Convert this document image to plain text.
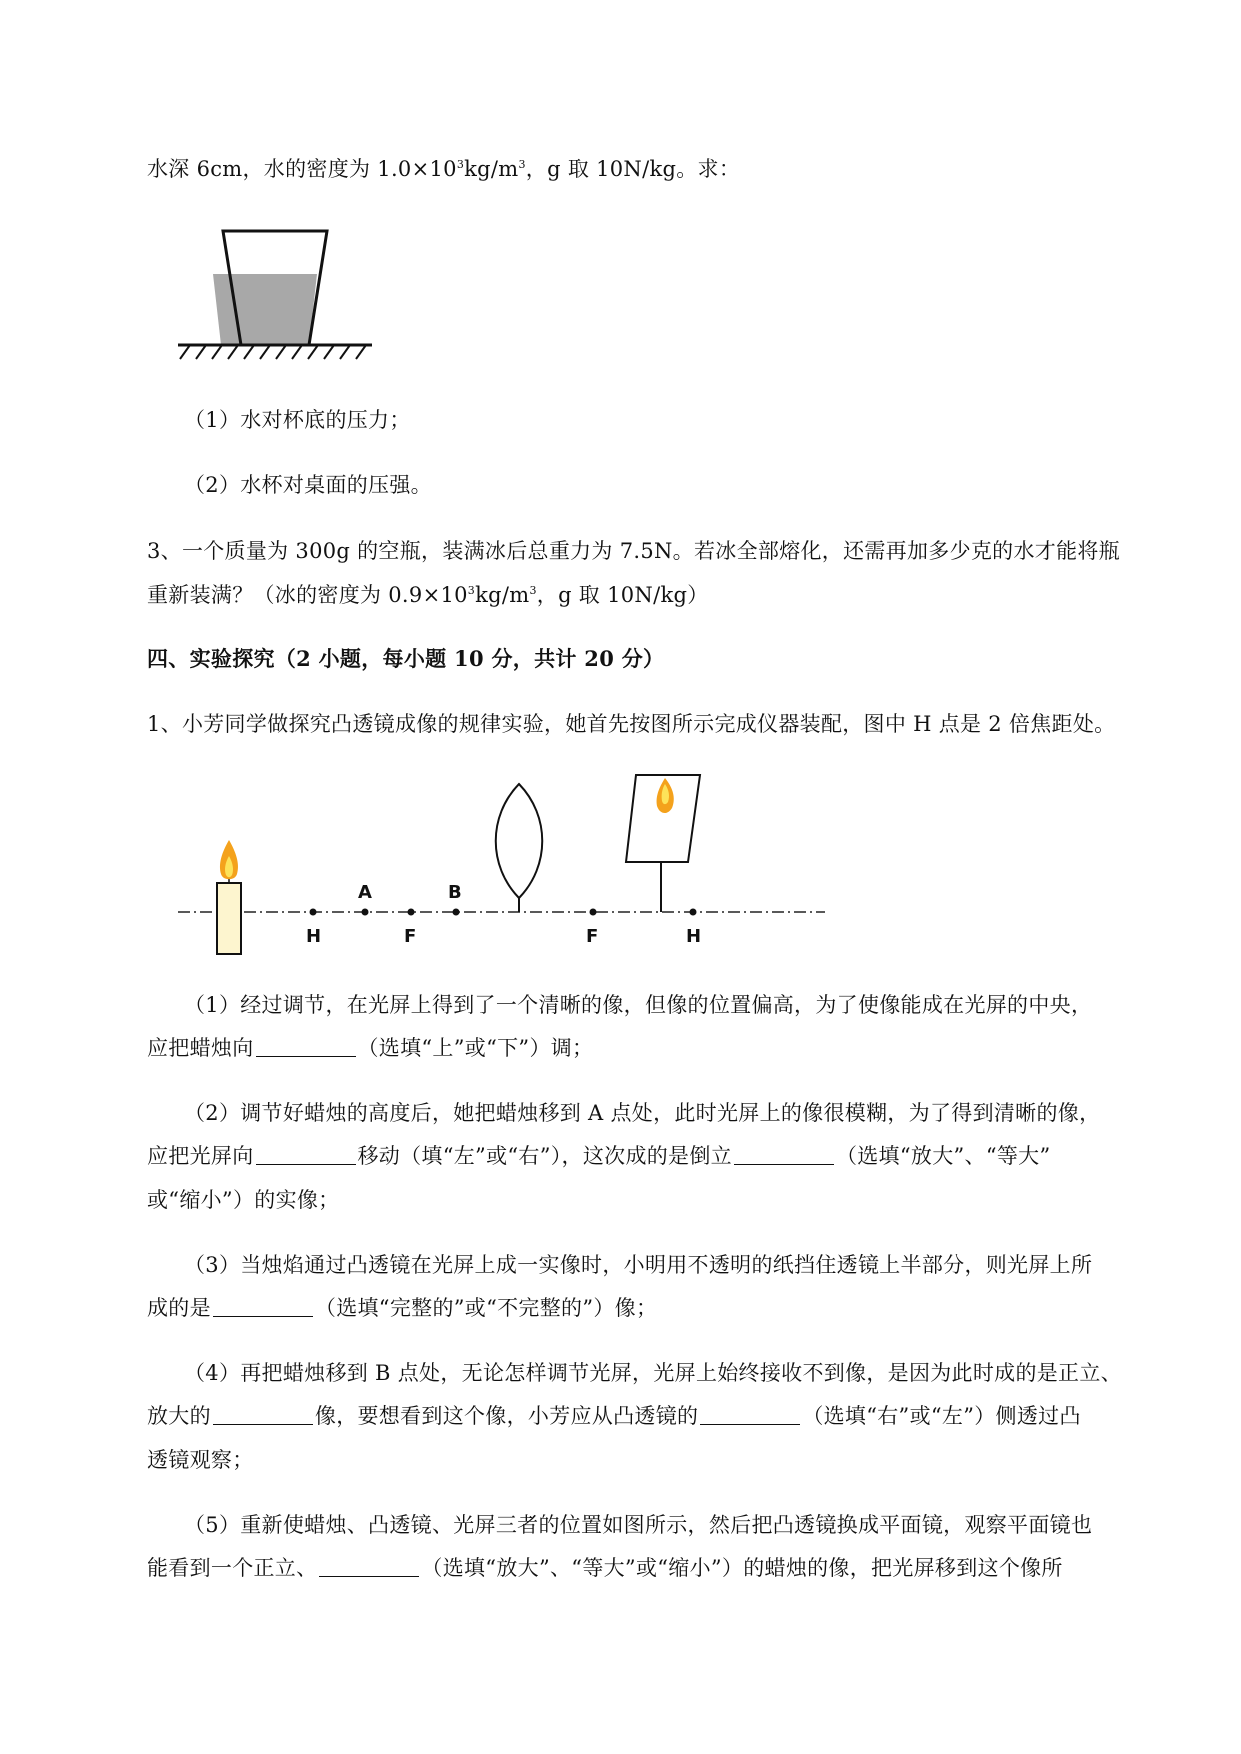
水深 6cm，水的密度为 $1.0\times 10^3kg/m^3$，g 取 10N/kg。求：
（1）水对杯底的压力；
（2）水杯对桌面的压强。
3、一个质量为 300g 的空瓶，装满冰后总重力为 7.5N。若冰全部熔化，还需再加多少克的水才能将瓶
重新装满？（冰的密度为 $0.9\times 10^3kg/m^3$，g 取 10N/kg）
四、实验探究（2 小题，每小题 10 分，共计 20 分）
1、小芳同学做探究凸透镜成像的规律实验，她首先按图所示完成仪器装配，图中 H 点是 2 倍焦距处。
H
A
F
B
F	H
（1）经过调节，在光屏上得到了一个清晰的像，但像的位置偏高，为了使像能成在光屏的中央，
应把蜡烛向	（选填“上”或“下”）调；
（2）调节好蜡烛的高度后，她把蜡烛移到 A 点处，此时光屏上的像很模糊，为了得到清晰的像，
应把光屏向	移动（填“左”或“右”），这次成的是倒立	（选填“放大”、“等大”
或“缩小”）的实像；
（3）当烛焰通过凸透镜在光屏上成一实像时，小明用不透明的纸挡住透镜上半部分，则光屏上所
成的是	（选填“完整的”或“不完整的”）像；
（4）再把蜡烛移到 B 点处，无论怎样调节光屏，光屏上始终接收不到像，是因为此时成的是正立、
放大的	像，要想看到这个像，小芳应从凸透镜的	（选填“右”或“左”）侧透过凸
透镜观察；
（5）重新使蜡烛、凸透镜、光屏三者的位置如图所示，然后把凸透镜换成平面镜，观察平面镜也
能看到一个正立、	（选填“放大”、“等大”或“缩小”）的蜡烛的像，把光屏移到这个像所
